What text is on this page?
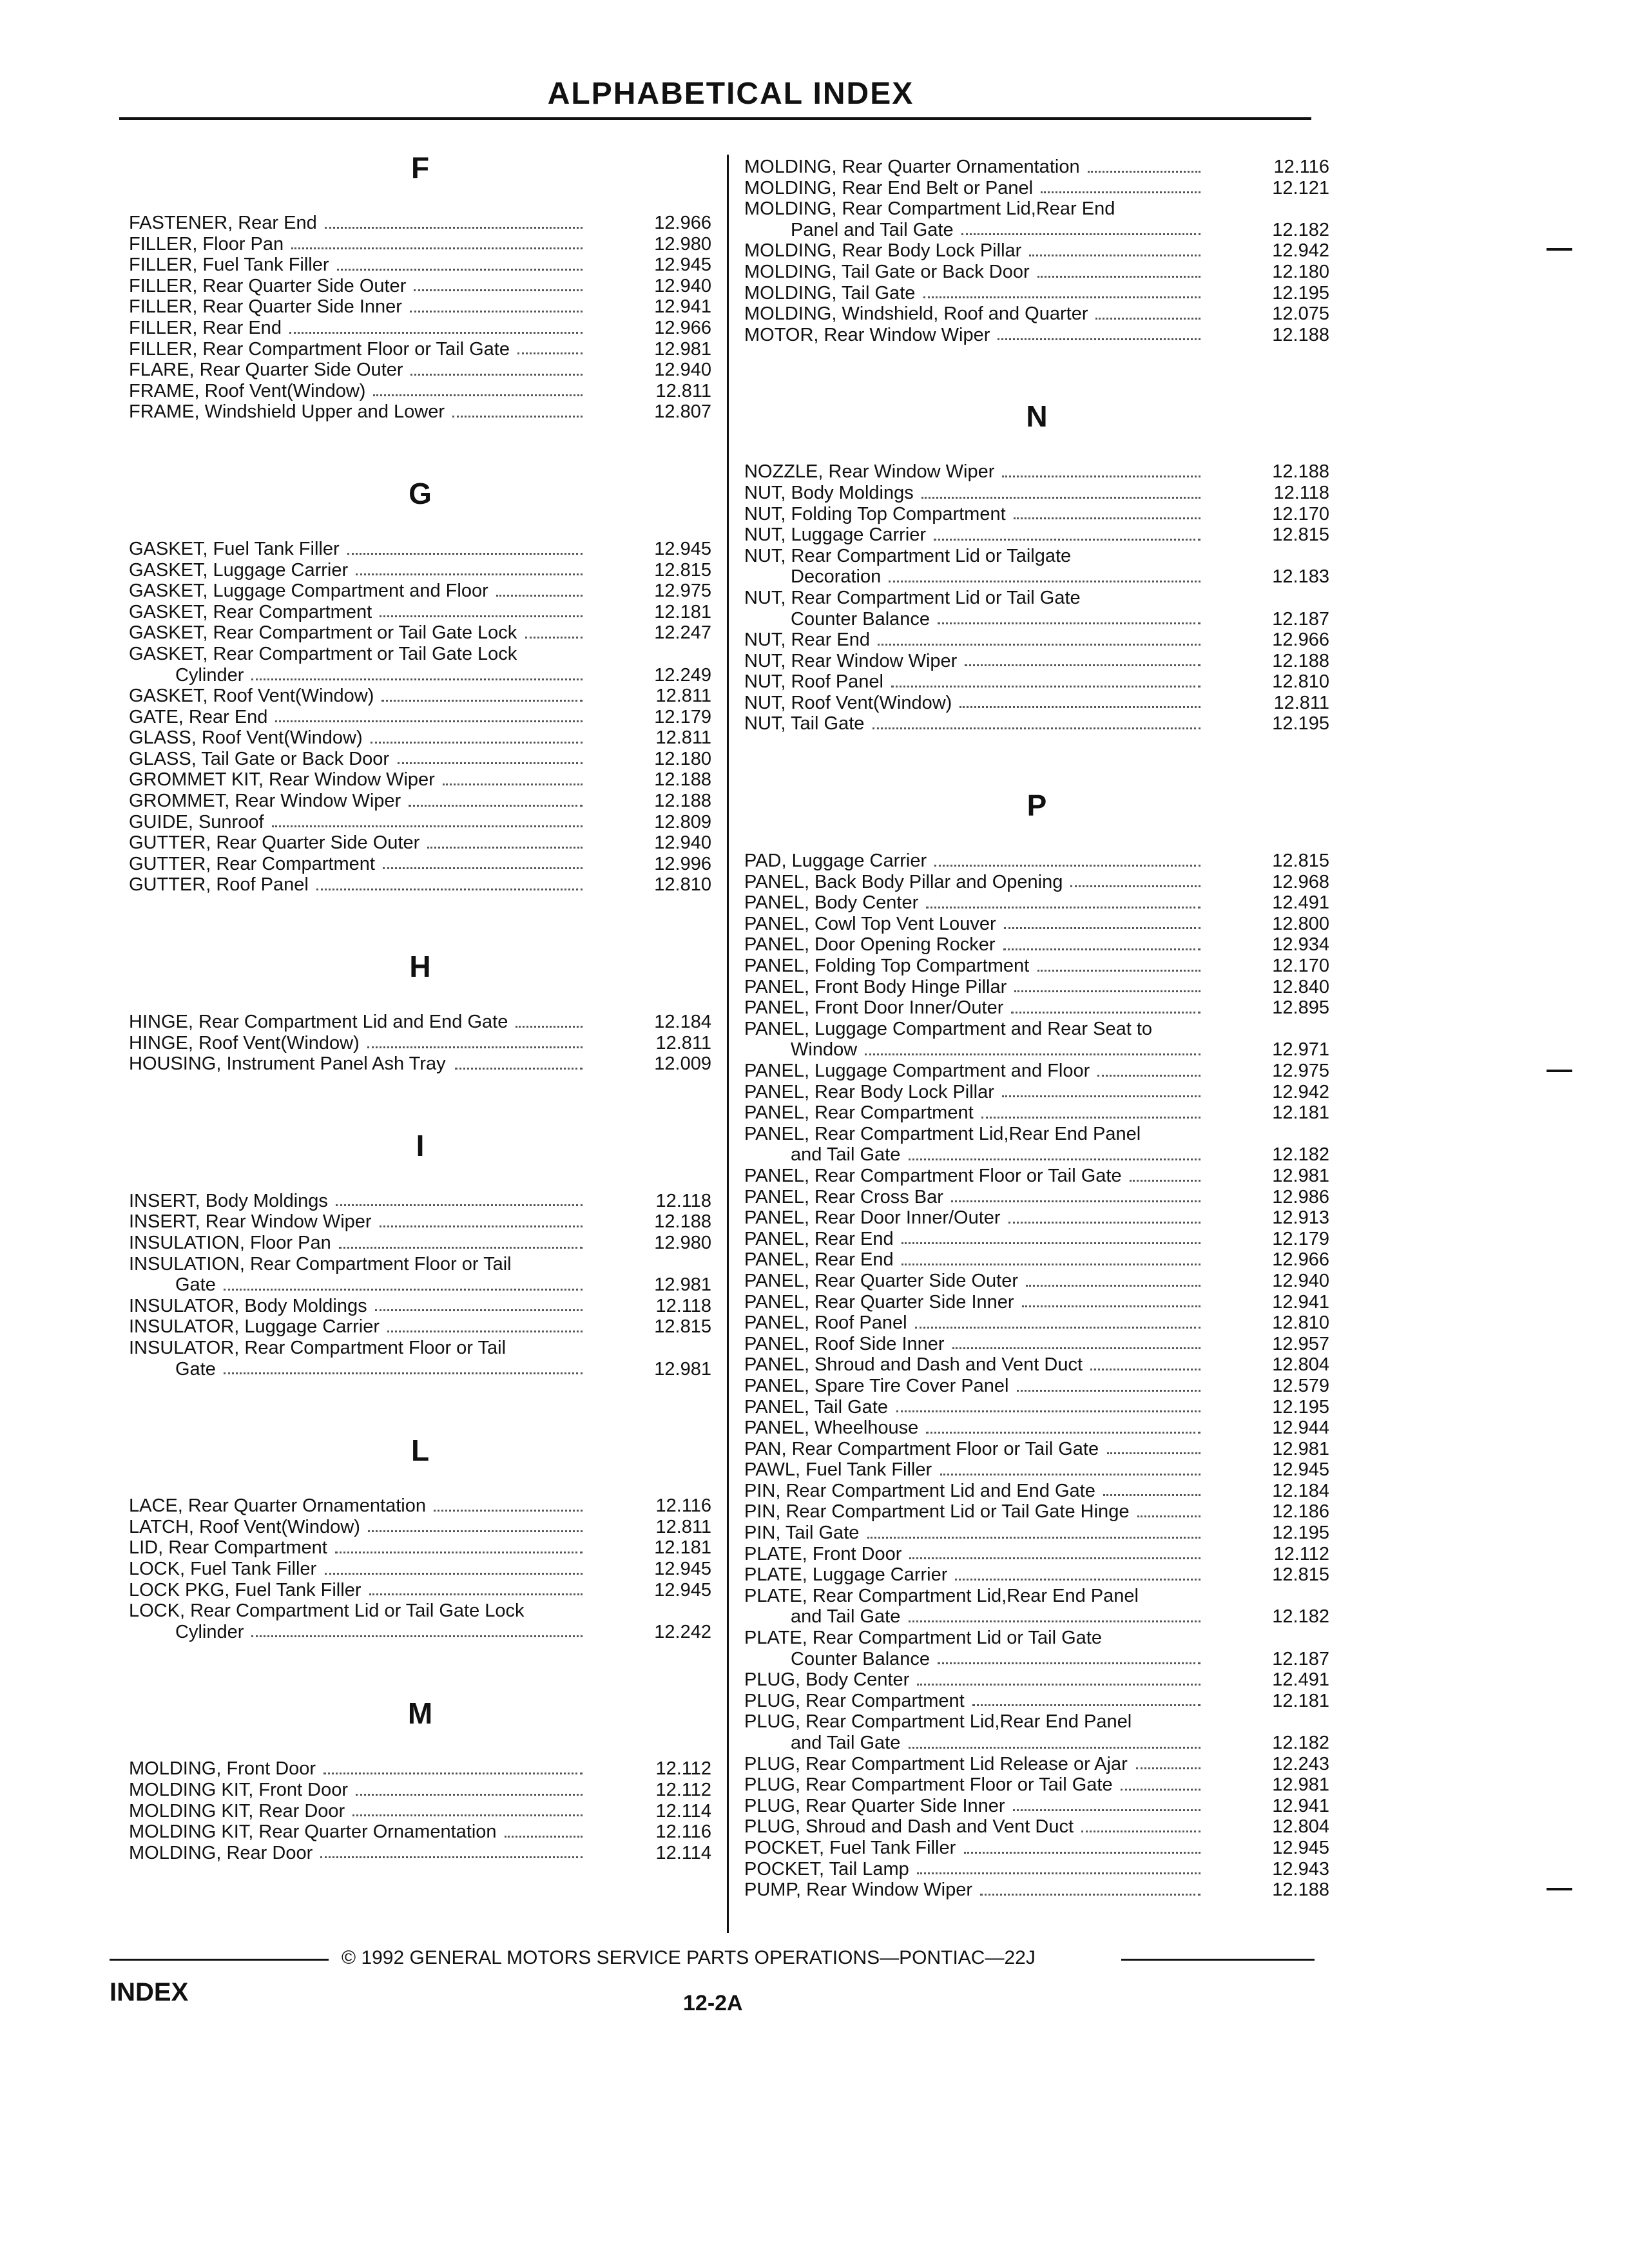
ALPHABETICAL INDEX
F
FASTENER, Rear End	12.966
FILLER, Floor Pan	12.980
FILLER, Fuel Tank Filler	12.945
FILLER, Rear Quarter Side Outer	12.940
FILLER, Rear Quarter Side Inner	12.941
FILLER, Rear End	12.966
FILLER, Rear Compartment Floor or Tail Gate	12.981
FLARE, Rear Quarter Side Outer	12.940
FRAME, Roof Vent(Window)	12.811
FRAME, Windshield Upper and Lower	12.807
G
GASKET, Fuel Tank Filler	12.945
GASKET, Luggage Carrier	12.815
GASKET, Luggage Compartment and Floor	12.975
GASKET, Rear Compartment	12.181
GASKET, Rear Compartment or Tail Gate Lock	12.247
GASKET, Rear Compartment or Tail Gate Lock
Cylinder	12.249
GASKET, Roof Vent(Window)	12.811
GATE, Rear End	12.179
GLASS, Roof Vent(Window)	12.811
GLASS, Tail Gate or Back Door	12.180
GROMMET KIT, Rear Window Wiper	12.188
GROMMET, Rear Window Wiper	12.188
GUIDE, Sunroof	12.809
GUTTER, Rear Quarter Side Outer	12.940
GUTTER, Rear Compartment	12.996
GUTTER, Roof Panel	12.810
H
HINGE, Rear Compartment Lid and End Gate	12.184
HINGE, Roof Vent(Window)	12.811
HOUSING, Instrument Panel Ash Tray	12.009
I
INSERT, Body Moldings	12.118
INSERT, Rear Window Wiper	12.188
INSULATION, Floor Pan	12.980
INSULATION, Rear Compartment Floor or Tail
Gate	12.981
INSULATOR, Body Moldings	12.118
INSULATOR, Luggage Carrier	12.815
INSULATOR, Rear Compartment Floor or Tail
Gate	12.981
L
LACE, Rear Quarter Ornamentation	12.116
LATCH, Roof Vent(Window)	12.811
LID, Rear Compartment	12.181
LOCK, Fuel Tank Filler	12.945
LOCK PKG, Fuel Tank Filler	12.945
LOCK, Rear Compartment Lid or Tail Gate Lock
Cylinder	12.242
M
MOLDING, Front Door	12.112
MOLDING KIT, Front Door	12.112
MOLDING KIT, Rear Door	12.114
MOLDING KIT, Rear Quarter Ornamentation	12.116
MOLDING, Rear Door	12.114
MOLDING, Rear Quarter Ornamentation	12.116
MOLDING, Rear End Belt or Panel	12.121
MOLDING, Rear Compartment Lid,Rear End
Panel and Tail Gate	12.182
MOLDING, Rear Body Lock Pillar	12.942
MOLDING, Tail Gate or Back Door	12.180
MOLDING, Tail Gate	12.195
MOLDING, Windshield, Roof and Quarter	12.075
MOTOR, Rear Window Wiper	12.188
N
NOZZLE, Rear Window Wiper	12.188
NUT, Body Moldings	12.118
NUT, Folding Top Compartment	12.170
NUT, Luggage Carrier	12.815
NUT, Rear Compartment Lid or Tailgate
Decoration	12.183
NUT, Rear Compartment Lid or Tail Gate
Counter Balance	12.187
NUT, Rear End	12.966
NUT, Rear Window Wiper	12.188
NUT, Roof Panel	12.810
NUT, Roof Vent(Window)	12.811
NUT, Tail Gate	12.195
P
PAD, Luggage Carrier	12.815
PANEL, Back Body Pillar and Opening	12.968
PANEL, Body Center	12.491
PANEL, Cowl Top Vent Louver	12.800
PANEL, Door Opening Rocker	12.934
PANEL, Folding Top Compartment	12.170
PANEL, Front Body Hinge Pillar	12.840
PANEL, Front Door Inner/Outer	12.895
PANEL, Luggage Compartment and Rear Seat to
Window	12.971
PANEL, Luggage Compartment and Floor	12.975
PANEL, Rear Body Lock Pillar	12.942
PANEL, Rear Compartment	12.181
PANEL, Rear Compartment Lid,Rear End Panel
and Tail Gate	12.182
PANEL, Rear Compartment Floor or Tail Gate	12.981
PANEL, Rear Cross Bar	12.986
PANEL, Rear Door Inner/Outer	12.913
PANEL, Rear End	12.179
PANEL, Rear End	12.966
PANEL, Rear Quarter Side Outer	12.940
PANEL, Rear Quarter Side Inner	12.941
PANEL, Roof Panel	12.810
PANEL, Roof Side Inner	12.957
PANEL, Shroud and Dash and Vent Duct	12.804
PANEL, Spare Tire Cover Panel	12.579
PANEL, Tail Gate	12.195
PANEL, Wheelhouse	12.944
PAN, Rear Compartment Floor or Tail Gate	12.981
PAWL, Fuel Tank Filler	12.945
PIN, Rear Compartment Lid and End Gate	12.184
PIN, Rear Compartment Lid or Tail Gate Hinge	12.186
PIN, Tail Gate	12.195
PLATE, Front Door	12.112
PLATE, Luggage Carrier	12.815
PLATE, Rear Compartment Lid,Rear End Panel
and Tail Gate	12.182
PLATE, Rear Compartment Lid or Tail Gate
Counter Balance	12.187
PLUG, Body Center	12.491
PLUG, Rear Compartment	12.181
PLUG, Rear Compartment Lid,Rear End Panel
and Tail Gate	12.182
PLUG, Rear Compartment Lid Release or Ajar	12.243
PLUG, Rear Compartment Floor or Tail Gate	12.981
PLUG, Rear Quarter Side Inner	12.941
PLUG, Shroud and Dash and Vent Duct	12.804
POCKET, Fuel Tank Filler	12.945
POCKET, Tail Lamp	12.943
PUMP, Rear Window Wiper	12.188
© 1992 GENERAL MOTORS SERVICE PARTS OPERATIONS—PONTIAC—22J
INDEX	12-2A
